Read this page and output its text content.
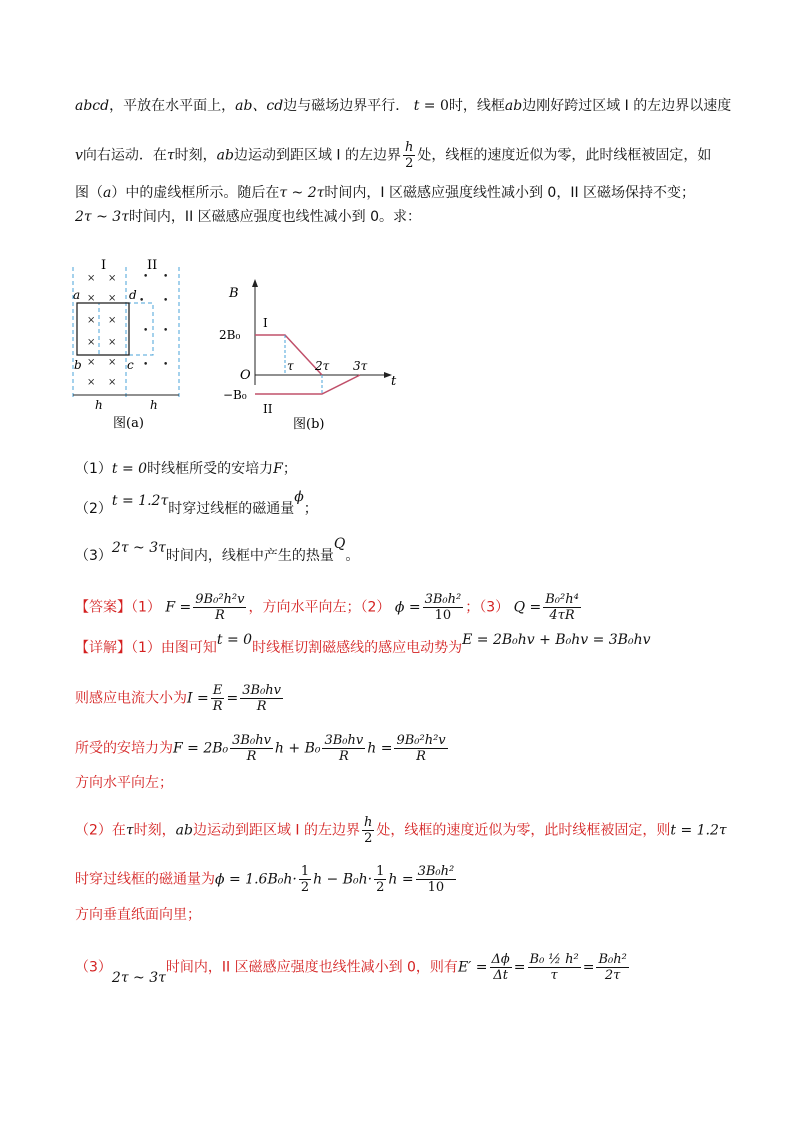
abcd，平放在水平面上，ab、cd边与磁场边界平行． t = 0时，线框ab边刚好跨过区域 I 的左边界以速度
v向右运动．在τ时刻，ab边运动到距区域 I 的左边界 $\frac{h}{2}$ 处，线框的速度近似为零，此时线框被固定，如
图（a）中的虚线框所示。随后在τ ~ 2τ时间内，I 区磁感应强度线性减小到 0，II 区磁场保持不变；
2τ ~ 3τ时间内，II 区磁感应强度也线性减小到 0。求：
I	II
× ×
× ×
× ×
× ×
× ×
× ×
• •
• •
• •
• •
a
b	c
d
h	h
图(a)
B
t
O
2B₀
−B₀
I
II
τ 2τ 3τ
图(b)
（1）t = 0时线框所受的安培力F；
（2）t = 1.2τ时穿过线框的磁通量ϕ；
（3）2τ ~ 3τ时间内，线框中产生的热量Q。
【答案】（1） $F = \frac{\text{9B₀²h²v}}{R}$ ，方向水平向左；（2） $\phi = \frac{\text{3B₀h²}}{10}$ ；（3） $Q = \frac{\text{B₀²h⁴}}{4\tau R}$
【详解】（1）由图可知t = 0时线框切割磁感线的感应电动势为E = 2B₀hv + B₀hv = 3B₀hv
则感应电流大小为$I = \frac{E}{R} = \frac{\text{3B₀hv}}{R}$
所受的安培力为$F = 2B_0 \frac{\text{3B₀hv}}{R}$ $h + B_0 \frac{\text{3B₀hv}}{R}$ $h = \frac{\text{9B₀²h²v}}{R}$
方向水平向左；
（2）在τ时刻，ab边运动到距区域 I 的左边界 $\frac{h}{2}$ 处，线框的速度近似为零，此时线框被固定，则t = 1.2τ
时穿过线框的磁通量为$\phi = 1.6B_0h\cdot \frac{1}{2}$ $h - B_0h\cdot \frac{1}{2}$ $h = \frac{\text{3B₀h²}}{10}$
方向垂直纸面向里；
（3）2τ ~ 3τ时间内，II 区磁感应强度也线性减小到 0，则有$E' = \frac{\Delta\phi}{\Delta t} = \frac{\text{B₀ ½ h²}}{\tau} = \frac{\text{B₀h²}}{2\tau}$
